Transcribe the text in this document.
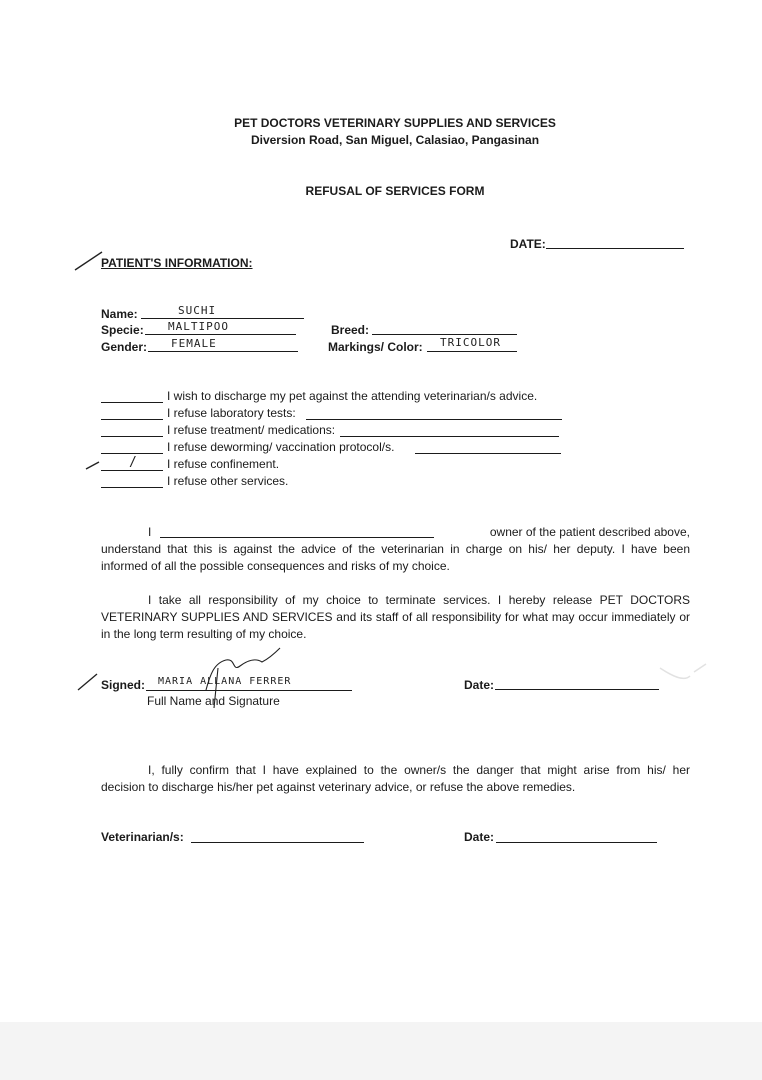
PET DOCTORS VETERINARY SUPPLIES AND SERVICES
Diversion Road, San Miguel, Calasiao, Pangasinan
REFUSAL OF SERVICES FORM
DATE:
PATIENT'S INFORMATION:
Name:	SUCHI
Specie: MALTIPOO	Breed:
Gender: FEMALE	Markings/ Color: TRICOLOR
I wish to discharge my pet against the attending veterinarian/s advice.
I refuse laboratory tests:
I refuse treatment/ medications:
I refuse deworming/ vaccination protocol/s.
/ I refuse confinement.
I refuse other services.
I	owner of the patient described above,
understand that this is against the advice of the veterinarian in charge on his/ her deputy. I have been
informed of all the possible consequences and risks of my choice.
I take all responsibility of my choice to terminate services. I hereby release PET DOCTORS
VETERINARY SUPPLIES AND SERVICES and its staff of all responsibility for what may occur immediately or
in the long term resulting of my choice.
Signed: MARIA ALLANA FERRER
Full Name and Signature
Date:
I, fully confirm that I have explained to the owner/s the danger that might arise from his/ her
decision to discharge his/her pet against veterinary advice, or refuse the above remedies.
Veterinarian/s:	Date:
